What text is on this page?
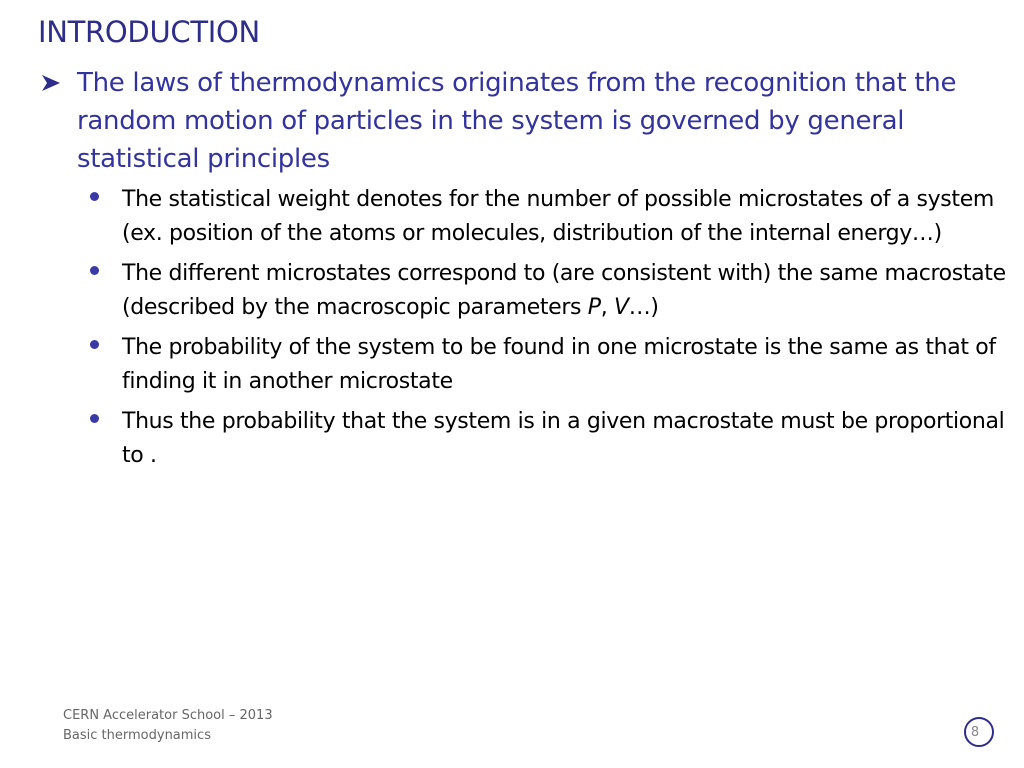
INTRODUCTION

The laws of thermodynamics originates from the recognition that the random motion of particles in the system is governed by general statistical principles

The statistical weight denotes for the number of possible microstates of a system (ex. position of the atoms or molecules, distribution of the internal energy…)
The different microstates correspond to (are consistent with) the same macrostate (described by the macroscopic parameters P, V…)
The probability of the system to be found in one microstate is the same as that of finding it in another microstate
Thus the probability that the system is in a given macrostate must be proportional to .
CERN Accelerator School – 2013
Basic thermodynamics	8
